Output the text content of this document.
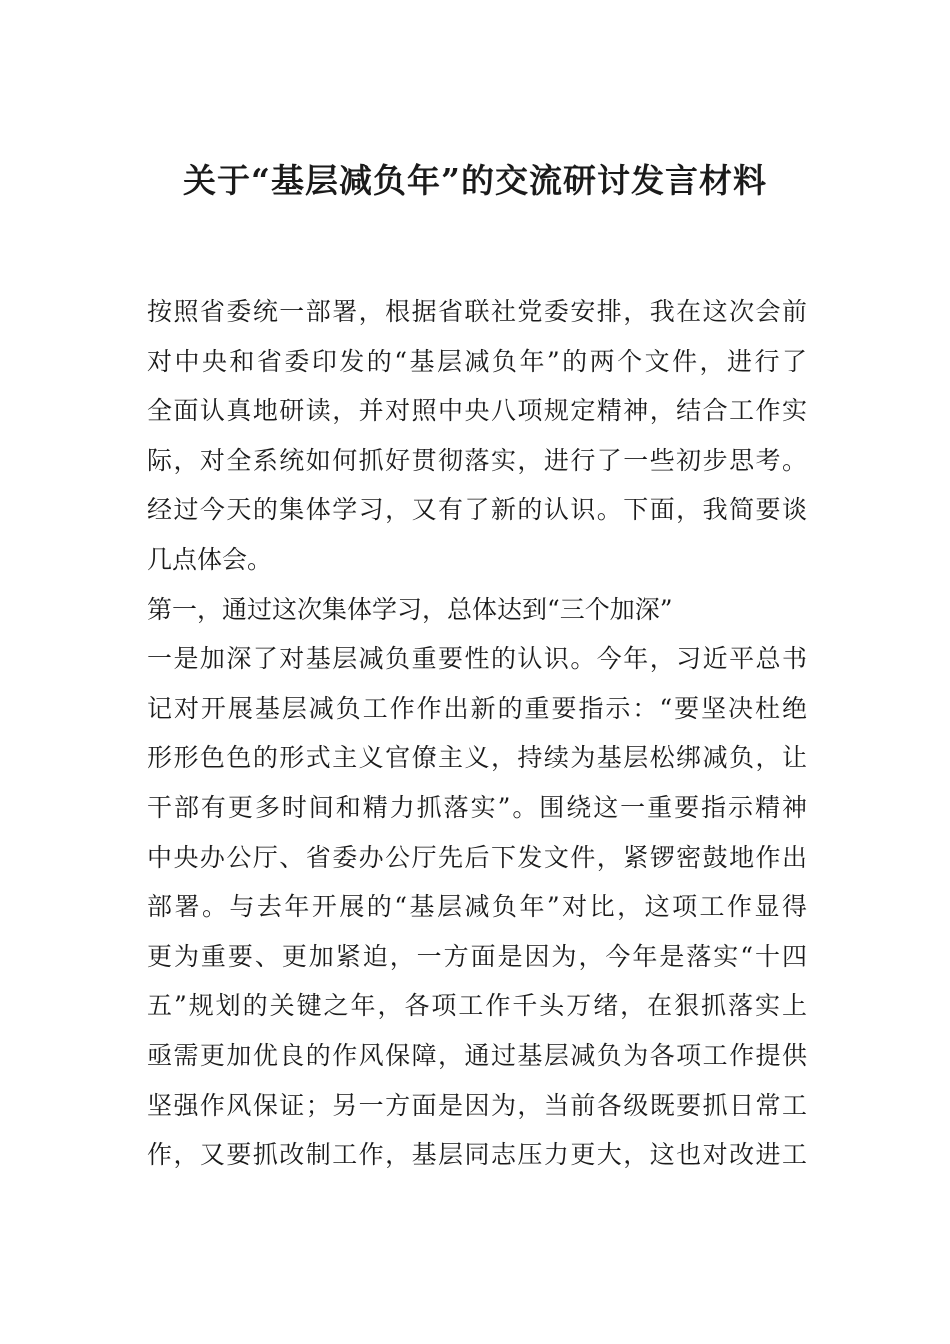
关于“基层减负年”的交流研讨发言材料
按照省委统一部署，根据省联社党委安排，我在这次会前
对中央和省委印发的“基层减负年”的两个文件，进行了
全面认真地研读，并对照中央八项规定精神，结合工作实
际，对全系统如何抓好贯彻落实，进行了一些初步思考。
经过今天的集体学习，又有了新的认识。下面，我简要谈
几点体会。
第一，通过这次集体学习，总体达到“三个加深”
一是加深了对基层减负重要性的认识。今年，习近平总书
记对开展基层减负工作作出新的重要指示：“要坚决杜绝
形形色色的形式主义官僚主义，持续为基层松绑减负，让
干部有更多时间和精力抓落实”。围绕这一重要指示精神
中央办公厅、省委办公厅先后下发文件，紧锣密鼓地作出
部署。与去年开展的“基层减负年”对比，这项工作显得
更为重要、更加紧迫，一方面是因为，今年是落实“十四
五”规划的关键之年，各项工作千头万绪，在狠抓落实上
亟需更加优良的作风保障，通过基层减负为各项工作提供
坚强作风保证；另一方面是因为，当前各级既要抓日常工
作，又要抓改制工作，基层同志压力更大，这也对改进工
